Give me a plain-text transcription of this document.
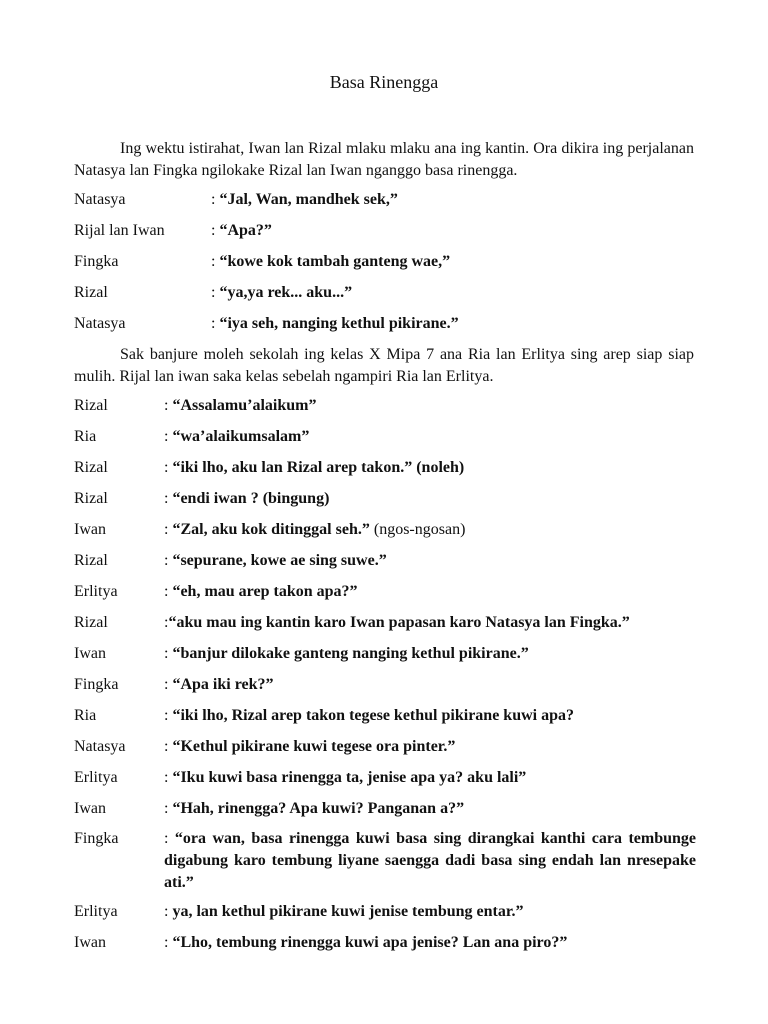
Basa Rinengga

Ing wektu istirahat, Iwan lan Rizal mlaku mlaku ana ing kantin. Ora dikira ing perjalanan Natasya lan Fingka ngilokake Rizal lan Iwan nganggo basa rinengga.

Natasya	: “Jal, Wan, mandhek sek,”
Rijal lan Iwan	: “Apa?”
Fingka	: “kowe kok tambah ganteng wae,”
Rizal	: “ya,ya rek... aku...”
Natasya	: “iya seh, nanging kethul pikirane.”

Sak banjure moleh sekolah ing kelas X Mipa 7 ana Ria lan Erlitya sing arep siap siap mulih. Rijal lan iwan saka kelas sebelah ngampiri Ria lan Erlitya.

Rizal	: “Assalamu’alaikum”
Ria	: “wa’alaikumsalam”
Rizal	: “iki lho, aku lan Rizal arep takon.” (noleh)
Rizal	: “endi iwan ? (bingung)
Iwan	: “Zal, aku kok ditinggal seh.” (ngos-ngosan)
Rizal	: “sepurane, kowe ae sing suwe.”
Erlitya	: “eh, mau arep takon apa?”
Rizal	:“aku mau ing kantin karo Iwan papasan karo Natasya lan Fingka.”
Iwan	: “banjur dilokake ganteng nanging kethul pikirane.”
Fingka	: “Apa iki rek?”
Ria	: “iki lho, Rizal arep takon tegese kethul pikirane kuwi apa?
Natasya : “Kethul pikirane kuwi tegese ora pinter.”
Erlitya	: “Iku kuwi basa rinengga ta, jenise apa ya? aku lali”
Iwan	: “Hah, rinengga? Apa kuwi? Panganan a?”
Fingka	: “ora wan, basa rinengga kuwi basa sing dirangkai kanthi cara tembunge digabung karo tembung liyane saengga dadi basa sing endah lan nresepake ati.”
Erlitya	: ya, lan kethul pikirane kuwi jenise tembung entar.”
Iwan	: “Lho, tembung rinengga kuwi apa jenise? Lan ana piro?”
